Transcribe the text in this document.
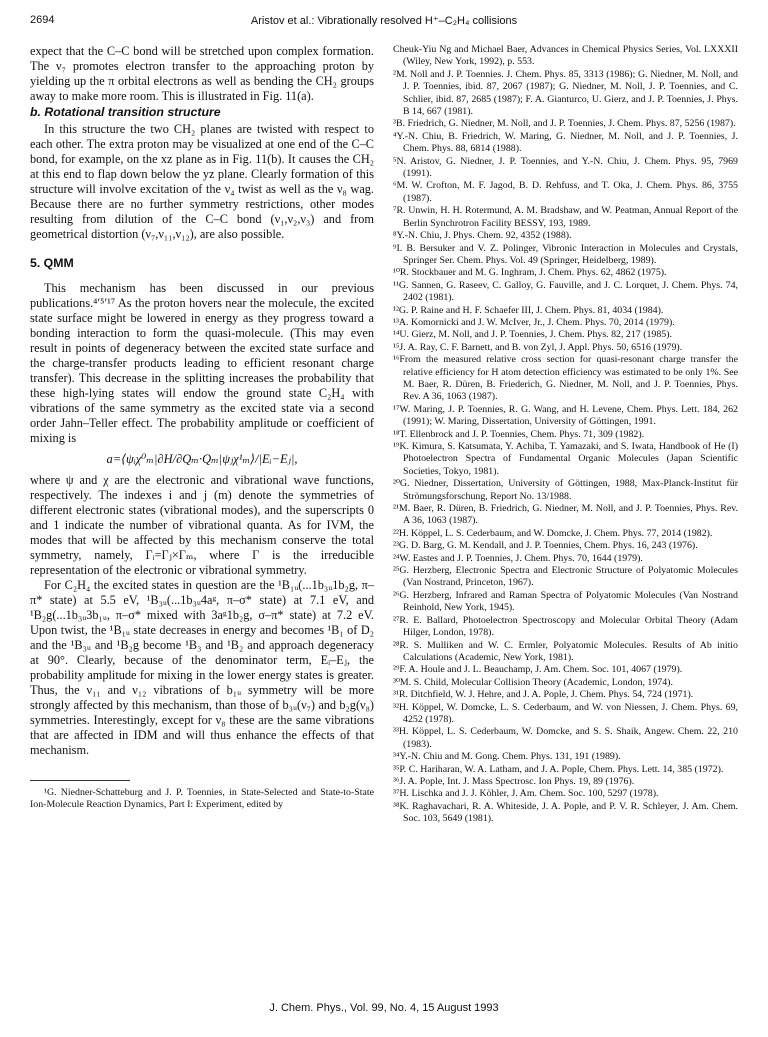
2694	Aristov et al.: Vibrationally resolved H⁺–C₂H₄ collisions

expect that the C–C bond will be stretched upon complex formation. The ν₇ promotes electron transfer to the approaching proton by yielding up the π orbital electrons as well as bending the CH₂ groups away to make more room. This is illustrated in Fig. 11(a).

b. Rotational transition structure

In this structure the two CH₂ planes are twisted with respect to each other. The extra proton may be visualized at one end of the C–C bond, for example, on the xz plane as in Fig. 11(b). It causes the CH₂ at this end to flap down below the yz plane. Clearly formation of this structure will involve excitation of the ν₄ twist as well as the ν₈ wag. Because there are no further symmetry restrictions, other modes resulting from dilution of the C–C bond (ν₁,ν₂,ν₃) and from geometrical distortion (ν₇,ν₁₁,ν₁₂), are also possible.

5. QMM

This mechanism has been discussed in our previous publications.⁴ʹ⁵ʹ¹⁷ As the proton hovers near the molecule, the excited state surface might be lowered in energy as they progress toward a bonding interaction to form the quasi-molecule. (This may even result in points of degeneracy between the excited state surface and the charge-transfer products leading to efficient resonant charge transfer). This decrease in the splitting increases the probability that these high-lying states will endow the ground state C₂H₄ with vibrations of the same symmetry as the excited state via a second order Jahn–Teller effect. The probability amplitude or coefficient of mixing is

a=⟨ψᵢχ⁰ₘ|∂H/∂Qₘ·Qₘ|ψⱼχ¹ₘ⟩/|Eᵢ−Eⱼ|,

where ψ and χ are the electronic and vibrational wave functions, respectively. The indexes i and j (m) denote the symmetries of different electronic states (vibrational modes), and the superscripts 0 and 1 indicate the number of vibrational quanta. As for IVM, the modes that will be affected by this mechanism conserve the total symmetry, namely, Γᵢ=Γⱼ×Γₘ, where Γ is the irreducible representation of the electronic or vibrational symmetry.

For C₂H₄ the excited states in question are the ¹B₁ᵤ(...1b₃ᵤ1b₂g, π–π* state) at 5.5 eV, ¹B₃ᵤ(...1b₃ᵤ4aᵍ, π–σ* state) at 7.1 eV, and ¹B₂g(...1b₃ᵤ3b₁ᵤ, π–σ* mixed with 3aᵍ1b₂g, σ–π* state) at 7.2 eV. Upon twist, the ¹B₁ᵤ state decreases in energy and becomes ¹B₁ of D₂ and the ¹B₃ᵤ and ¹B₂g become ¹B₃ and ¹B₂ and approach degeneracy at 90°. Clearly, because of the denominator term, Eᵢ–Eⱼ, the probability amplitude for mixing in the lower energy states is greater. Thus, the ν₁₁ and ν₁₂ vibrations of b₁ᵤ symmetry will be more strongly affected by this mechanism, than those of b₃ᵤ(ν₇) and b₂g(ν₈) symmetries. Interestingly, except for ν₈ these are the same vibrations that are affected in IDM and will thus enhance the effects of that mechanism.

¹G. Niedner-Schatteburg and J. P. Toennies, in State-Selected and State-to-State Ion-Molecule Reaction Dynamics, Part I: Experiment, edited by

Cheuk-Yiu Ng and Michael Baer, Advances in Chemical Physics Series, Vol. LXXXII (Wiley, New York, 1992), p. 553.

²M. Noll and J. P. Toennies. J. Chem. Phys. 85, 3313 (1986); G. Niedner, M. Noll, and J. P. Toennies, ibid. 87, 2067 (1987); G. Niedner, M. Noll, J. P. Toennies, and C. Schlier, ibid. 87, 2685 (1987); F. A. Gianturco, U. Gierz, and J. P. Toennies, J. Phys. B 14, 667 (1981).

³B. Friedrich, G. Niedner, M. Noll, and J. P. Toennies, J. Chem. Phys. 87, 5256 (1987).

⁴Y.-N. Chiu, B. Friedrich, W. Maring, G. Niedner, M. Noll, and J. P. Toennies, J. Chem. Phys. 88, 6814 (1988).

⁵N. Aristov, G. Niedner, J. P. Toennies, and Y.-N. Chiu, J. Chem. Phys. 95, 7969 (1991).

⁶M. W. Crofton, M. F. Jagod, B. D. Rehfuss, and T. Oka, J. Chem. Phys. 86, 3755 (1987).

⁷R. Unwin, H. H. Rotermund, A. M. Bradshaw, and W. Peatman, Annual Report of the Berlin Synchrotron Facility BESSY, 193, 1989.

⁸Y.-N. Chiu, J. Phys. Chem. 92, 4352 (1988).

⁹I. B. Bersuker and V. Z. Polinger, Vibronic Interaction in Molecules and Crystals, Springer Ser. Chem. Phys. Vol. 49 (Springer, Heidelberg, 1989).

¹⁰R. Stockbauer and M. G. Inghram, J. Chem. Phys. 62, 4862 (1975).

¹¹G. Sannen, G. Raseev, C. Galloy, G. Fauville, and J. C. Lorquet, J. Chem. Phys. 74, 2402 (1981).

¹²G. P. Raine and H. F. Schaefer III, J. Chem. Phys. 81, 4034 (1984).

¹³A. Komornicki and J. W. McIver, Jr., J. Chem. Phys. 70, 2014 (1979).

¹⁴U. Gierz, M. Noll, and J. P. Toennies, J. Chem. Phys. 82, 217 (1985).

¹⁵J. A. Ray, C. F. Barnett, and B. von Zyl, J. Appl. Phys. 50, 6516 (1979).

¹⁶From the measured relative cross section for quasi-resonant charge transfer the relative efficiency for H atom detection efficiency was estimated to be only 1%. See M. Baer, R. Düren, B. Friederich, G. Niedner, M. Noll, and J. P. Toennies, Phys. Rev. A 36, 1063 (1987).

¹⁷W. Maring, J. P. Toennies, R. G. Wang, and H. Levene, Chem. Phys. Lett. 184, 262 (1991); W. Maring, Dissertation, University of Göttingen, 1991.

¹⁸T. Ellenbrock and J. P. Toennies, Chem. Phys. 71, 309 (1982).

¹⁹K. Kimura, S. Katsumata, Y. Achiba, T. Yamazaki, and S. Iwata, Handbook of He (I) Photoelectron Spectra of Fundamental Organic Molecules (Japan Scientific Societies, Tokyo, 1981).

²⁰G. Niedner, Dissertation, University of Göttingen, 1988, Max-Planck-Institut für Strömungsforschung, Report No. 13/1988.

²¹M. Baer, R. Düren, B. Friedrich, G. Niedner, M. Noll, and J. P. Toennies, Phys. Rev. A 36, 1063 (1987).

²²H. Köppel, L. S. Cederbaum, and W. Domcke, J. Chem. Phys. 77, 2014 (1982).

²³G. D. Barg, G. M. Kendall, and J. P. Toennies, Chem. Phys. 16, 243 (1976).

²⁴W. Eastes and J. P. Toennies, J. Chem. Phys. 70, 1644 (1979).

²⁵G. Herzberg, Electronic Spectra and Electronic Structure of Polyatomic Molecules (Van Nostrand, Princeton, 1967).

²⁶G. Herzberg, Infrared and Raman Spectra of Polyatomic Molecules (Van Nostrand Reinhold, New York, 1945).

²⁷R. E. Ballard, Photoelectron Spectroscopy and Molecular Orbital Theory (Adam Hilger, London, 1978).

²⁸R. S. Mulliken and W. C. Ermler, Polyatomic Molecules. Results of Ab initio Calculations (Academic, New York, 1981).

²⁹F. A. Houle and J. L. Beauchamp, J. Am. Chem. Soc. 101, 4067 (1979).

³⁰M. S. Child, Molecular Collision Theory (Academic, London, 1974).

³¹R. Ditchfield, W. J. Hehre, and J. A. Pople, J. Chem. Phys. 54, 724 (1971).

³²H. Köppel, W. Domcke, L. S. Cederbaum, and W. von Niessen, J. Chem. Phys. 69, 4252 (1978).

³³H. Köppel, L. S. Cederbaum, W. Domcke, and S. S. Shaik, Angew. Chem. 22, 210 (1983).

³⁴Y.-N. Chiu and M. Gong. Chem. Phys. 131, 191 (1989).

³⁵P. C. Hariharan, W. A. Latham, and J. A. Pople, Chem. Phys. Lett. 14, 385 (1972).

³⁶J. A. Pople, Int. J. Mass Spectrosc. Ion Phys. 19, 89 (1976).

³⁷H. Lischka and J. J. Köhler, J. Am. Chem. Soc. 100, 5297 (1978).

³⁸K. Raghavachari, R. A. Whiteside, J. A. Pople, and P. V. R. Schleyer, J. Am. Chem. Soc. 103, 5649 (1981).

J. Chem. Phys., Vol. 99, No. 4, 15 August 1993
